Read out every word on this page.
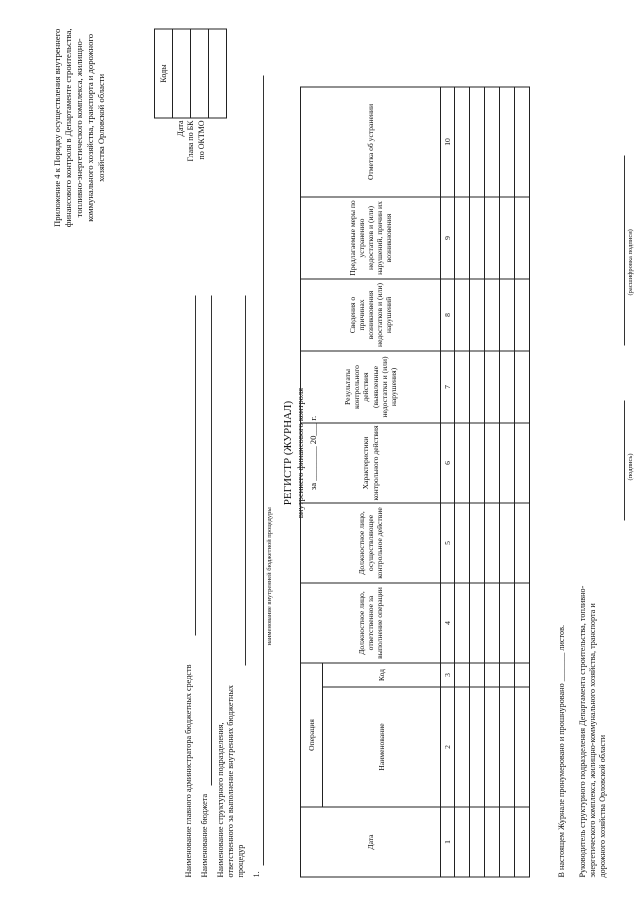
Приложение 4 к Порядку осуществления внутреннего финансового контроля в Департаменте строительства, топливно-энергетического комплекса, жилищно- коммунального хозяйства, транспорта и дорожного хозяйства Орловской области
Коды
Дата Глава по БК по ОКТМО
РЕГИСТР (ЖУРНАЛ) внутреннего финансового контроля за ________ 20___ г.
Наименование главного администратора бюджетных средств Наименование бюджета Наименование структурного подразделения, ответственного за выполнение внутренних бюджетных процедур 1.
наименование внутренней бюджетной процедуры
Дата	Операция		Должностное лицо, ответственное за выполнение операции	Должностное лицо, осуществляющее контрольное действие	Характеристики контрольного действия	Результаты контрольного действия (выявленные недостатки и (или) нарушения)	Сведения о причинах возникновения недостатков и (или) нарушений	Предлагаемые меры по устранению недостатков и (или) нарушений, причин их возникновения	Отметка об устранении
	Наименование	Код							
1	2	3	4	5	6	7	8	9	10

В настоящем Журнале пронумеровано и прошнуровано _______ листов. Руководитель структурного подразделения Департамента строительства, топливно- энергетического комплекса, жилищно-коммунального хозяйства, транспорта и дорожного хозяйства Орловской области
(подпись)
(расшифровка подписи)
